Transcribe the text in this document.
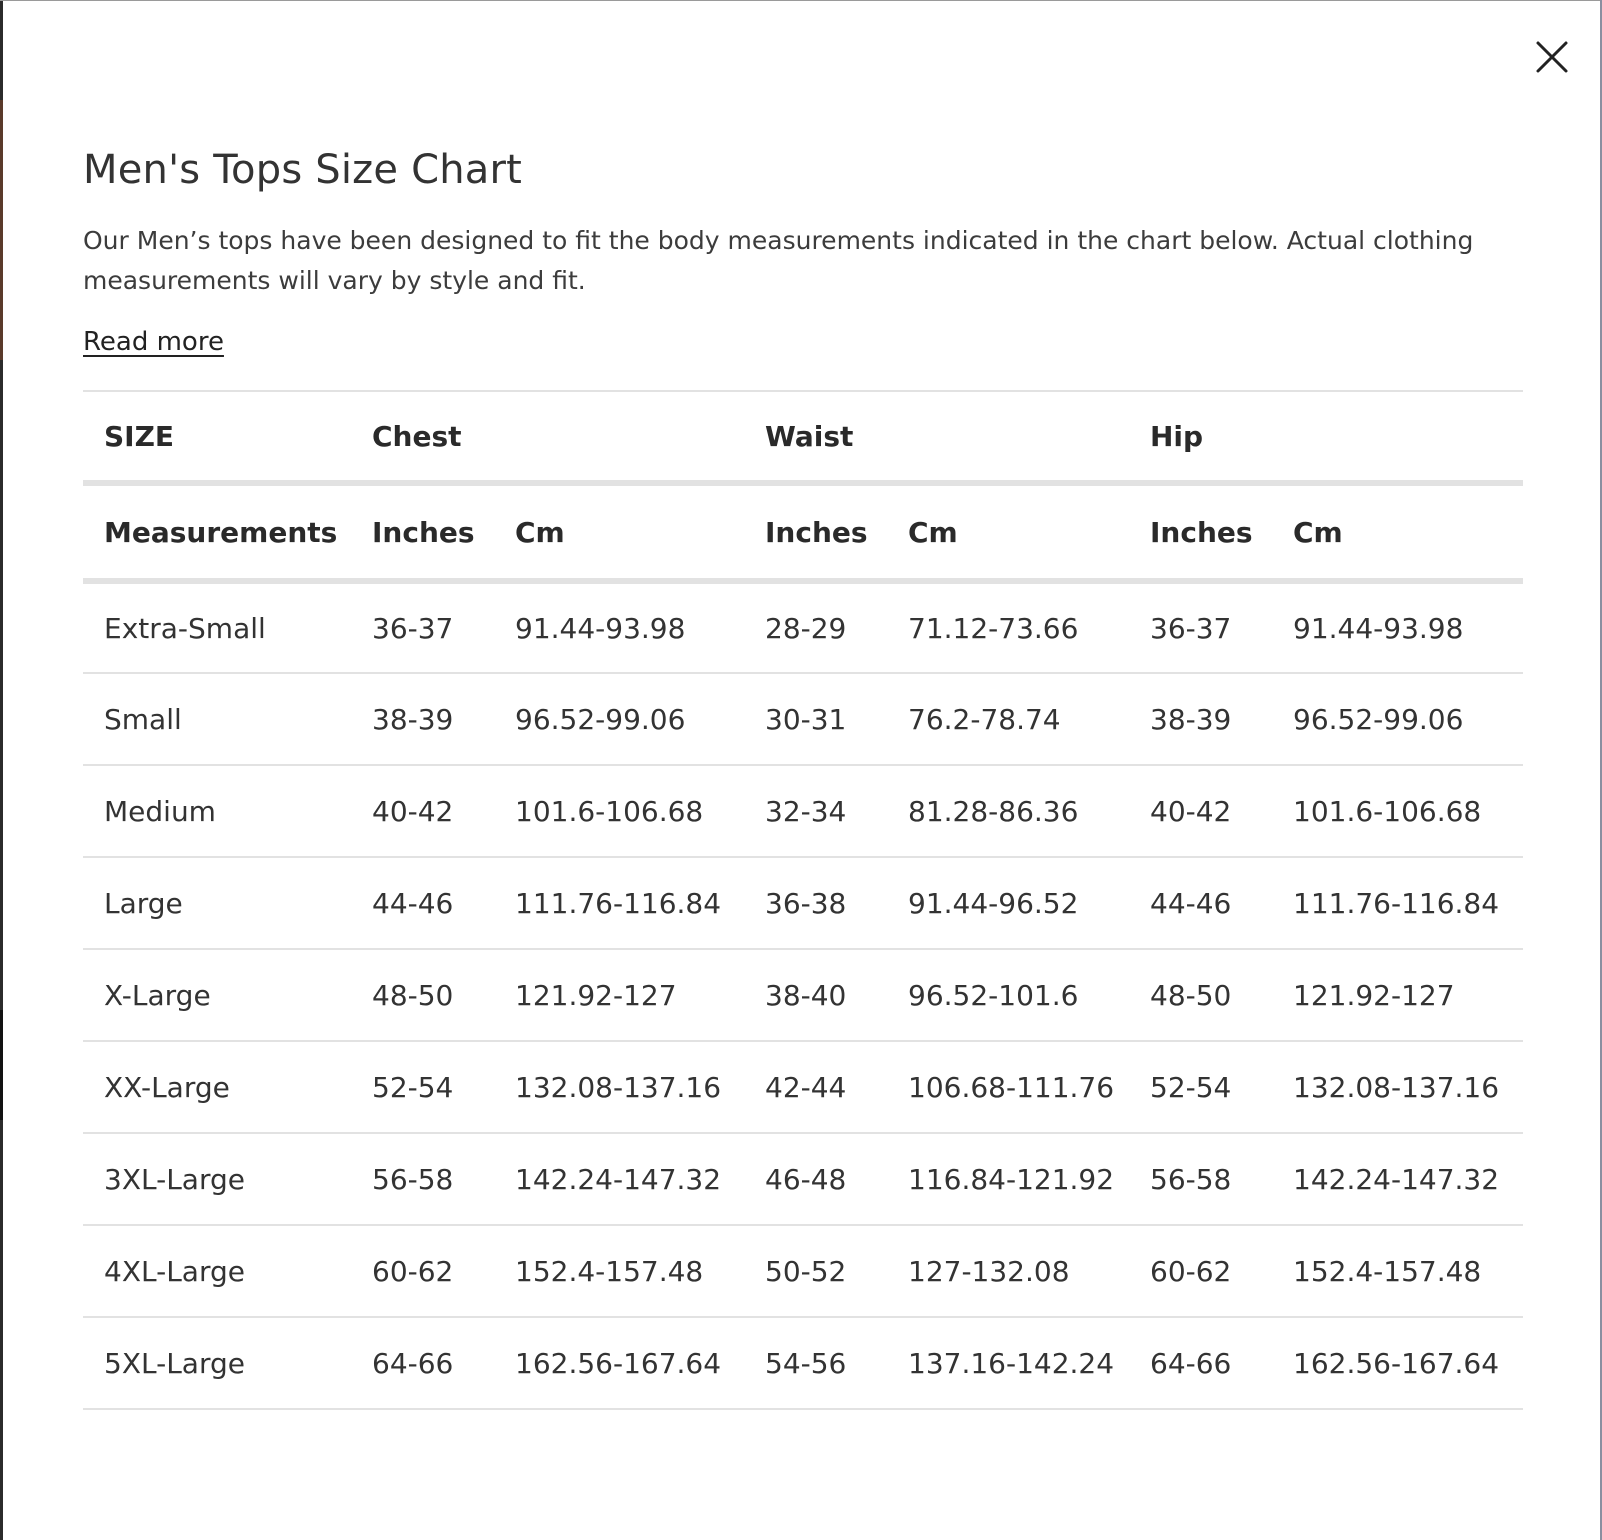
Men's Tops Size Chart

Our Men’s tops have been designed to fit the body measurements indicated in the chart below. Actual clothing measurements will vary by style and fit.

Read more
SIZE	Chest		Waist		Hip	
Measurements	Inches	Cm	Inches	Cm	Inches	Cm
Extra-Small	36-37	91.44-93.98	28-29	71.12-73.66	36-37	91.44-93.98
Small	38-39	96.52-99.06	30-31	76.2-78.74	38-39	96.52-99.06
Medium	40-42	101.6-106.68	32-34	81.28-86.36	40-42	101.6-106.68
Large	44-46	111.76-116.84	36-38	91.44-96.52	44-46	111.76-116.84
X-Large	48-50	121.92-127	38-40	96.52-101.6	48-50	121.92-127
XX-Large	52-54	132.08-137.16	42-44	106.68-111.76	52-54	132.08-137.16
3XL-Large	56-58	142.24-147.32	46-48	116.84-121.92	56-58	142.24-147.32
4XL-Large	60-62	152.4-157.48	50-52	127-132.08	60-62	152.4-157.48
5XL-Large	64-66	162.56-167.64	54-56	137.16-142.24	64-66	162.56-167.64
